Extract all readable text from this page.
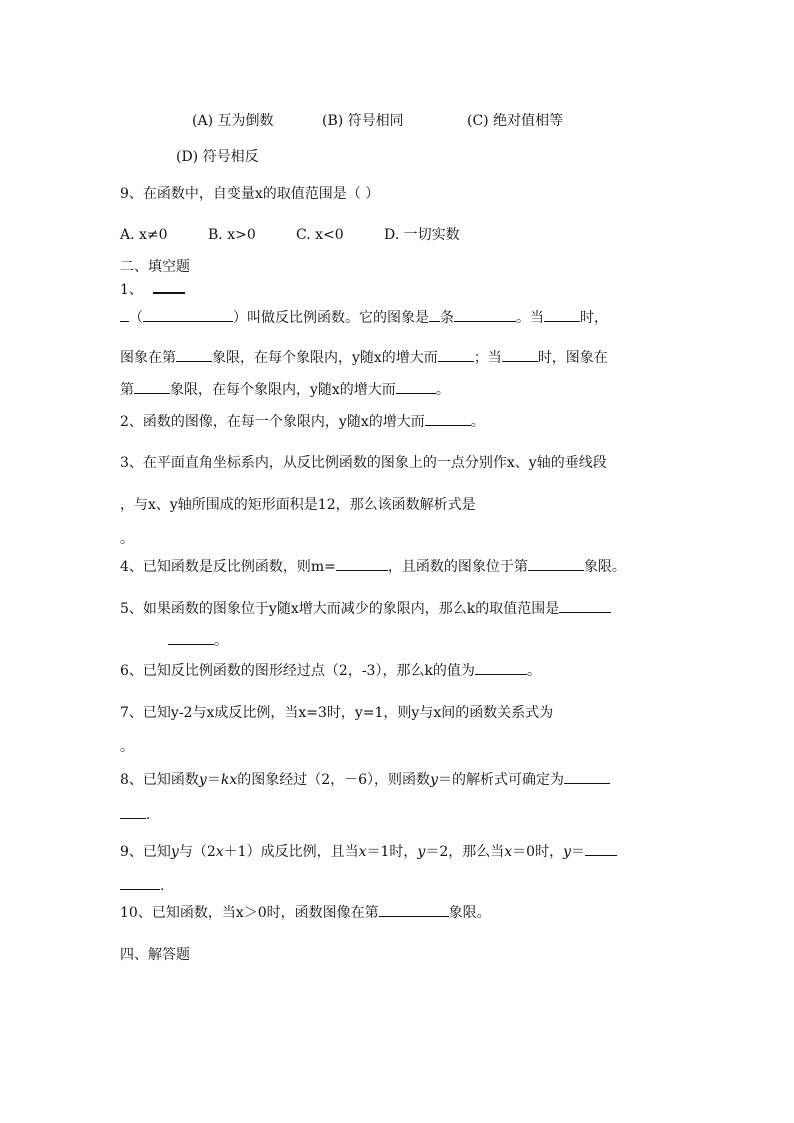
(A) 互为倒数	(B) 符号相同	(C) 绝对值相等
(D) 符号相反
9、在函数中，自变量x的取值范围是（ ）
A. x≠0	B. x>0	C. x<0	D. 一切实数
二、填空题
1、
（	）叫做反比例函数。它的图象是 条	。当	时，
图象在第	象限，在每个象限内，y随x的增大而	；当	时，图象在
第	象限，在每个象限内，y随x的增大而	。
2、函数的图像，在每一个象限内，y随x的增大而	。
3、在平面直角坐标系内，从反比例函数的图象上的一点分别作x、y轴的垂线段
，与x、y轴所围成的矩形面积是12，那么该函数解析式是
。
4、已知函数是反比例函数，则m=	，且函数的图象位于第	象限。
5、如果函数的图象位于y随x增大而减少的象限内，那么k的取值范围是
。
6、已知反比例函数的图形经过点（2，-3），那么k的值为	。
7、已知y-2与x成反比例，当x=3时，y=1，则y与x间的函数关系式为
。
8、已知函数y＝kx的图象经过（2，－6），则函数y＝的解析式可确定为
.
9、已知y与（2x＋1）成反比例，且当x＝1时，y＝2，那么当x＝0时，y＝
.
10、已知函数，当x＞0时，函数图像在第	象限。
四、解答题
